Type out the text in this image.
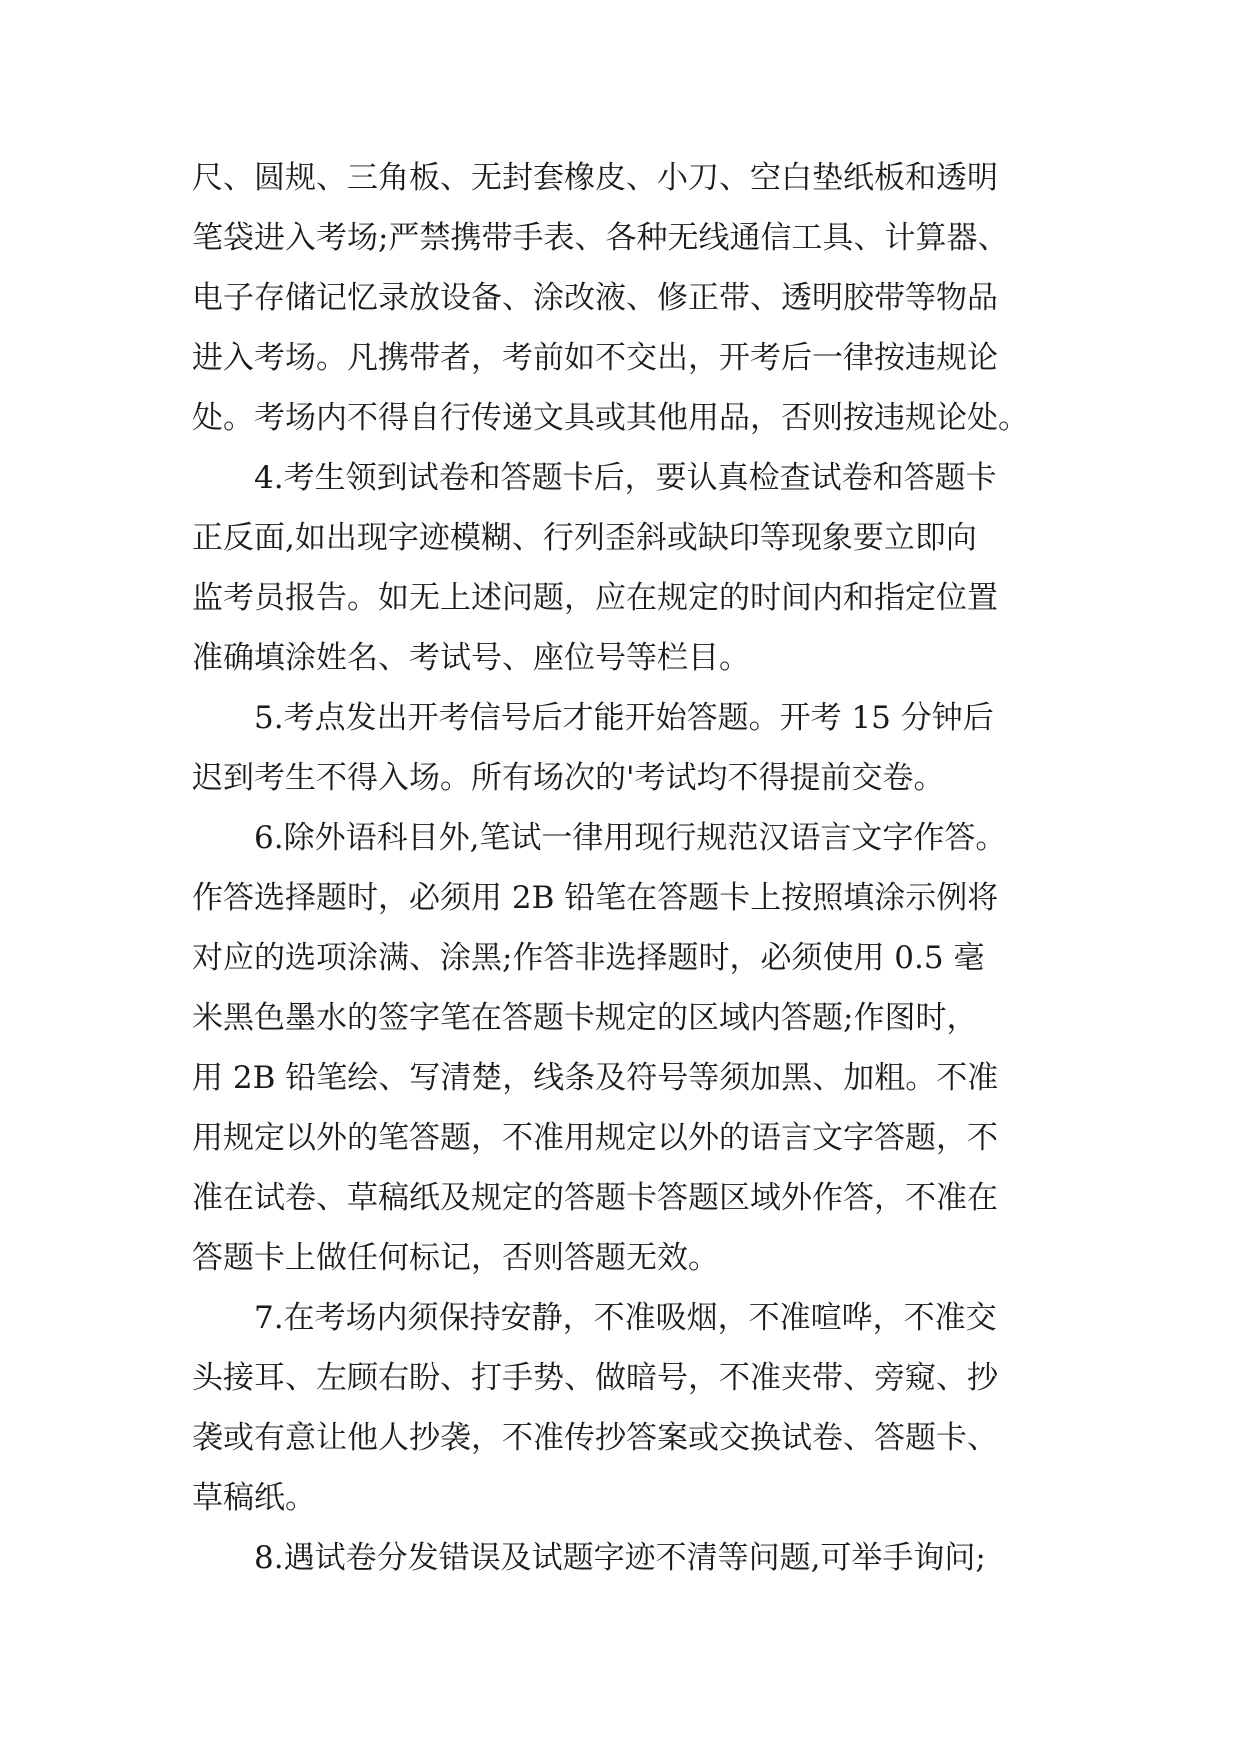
尺、圆规、三角板、无封套橡皮、小刀、空白垫纸板和透明
笔袋进入考场;严禁携带手表、各种无线通信工具、计算器、
电子存储记忆录放设备、涂改液、修正带、透明胶带等物品
进入考场。凡携带者，考前如不交出，开考后一律按违规论
处。考场内不得自行传递文具或其他用品，否则按违规论处。
4.考生领到试卷和答题卡后，要认真检查试卷和答题卡
正反面,如出现字迹模糊、行列歪斜或缺印等现象要立即向
监考员报告。如无上述问题，应在规定的时间内和指定位置
准确填涂姓名、考试号、座位号等栏目。
5.考点发出开考信号后才能开始答题。开考 15 分钟后
迟到考生不得入场。所有场次的'考试均不得提前交卷。
6.除外语科目外,笔试一律用现行规范汉语言文字作答。
作答选择题时，必须用 2B 铅笔在答题卡上按照填涂示例将
对应的选项涂满、涂黑;作答非选择题时，必须使用 0.5 毫
米黑色墨水的签字笔在答题卡规定的区域内答题;作图时，
用 2B 铅笔绘、写清楚，线条及符号等须加黑、加粗。不准
用规定以外的笔答题，不准用规定以外的语言文字答题，不
准在试卷、草稿纸及规定的答题卡答题区域外作答，不准在
答题卡上做任何标记，否则答题无效。
7.在考场内须保持安静，不准吸烟，不准喧哗，不准交
头接耳、左顾右盼、打手势、做暗号，不准夹带、旁窥、抄
袭或有意让他人抄袭，不准传抄答案或交换试卷、答题卡、
草稿纸。
8.遇试卷分发错误及试题字迹不清等问题,可举手询问;
